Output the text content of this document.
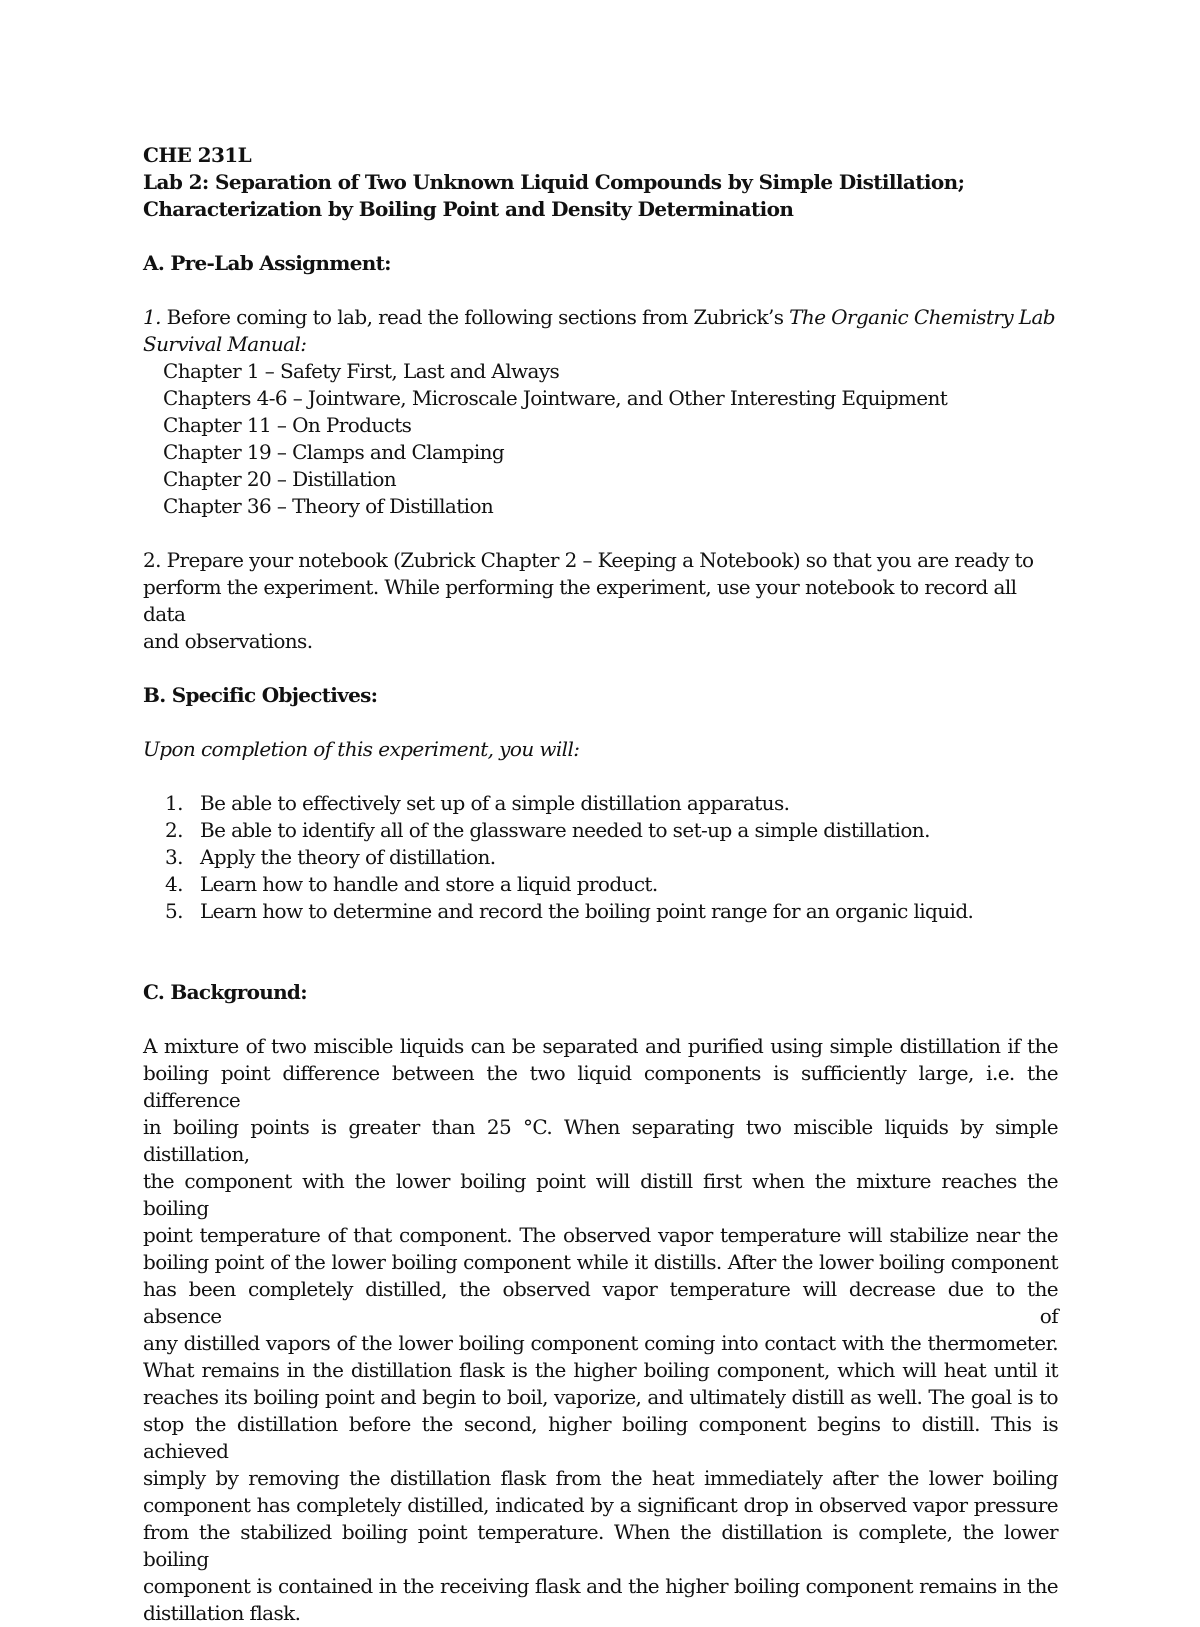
CHE 231L
Lab 2: Separation of Two Unknown Liquid Compounds by Simple Distillation;
Characterization by Boiling Point and Density Determination
A. Pre-Lab Assignment:
1. Before coming to lab, read the following sections from Zubrick’s The Organic Chemistry Lab
Survival Manual:
Chapter 1 – Safety First, Last and Always
Chapters 4-6 – Jointware, Microscale Jointware, and Other Interesting Equipment
Chapter 11 – On Products
Chapter 19 – Clamps and Clamping
Chapter 20 – Distillation
Chapter 36 – Theory of Distillation
2. Prepare your notebook (Zubrick Chapter 2 – Keeping a Notebook) so that you are ready to
perform the experiment. While performing the experiment, use your notebook to record all data
and observations.
B. Specific Objectives:
Upon completion of this experiment, you will:
1. Be able to effectively set up of a simple distillation apparatus.
2. Be able to identify all of the glassware needed to set-up a simple distillation.
3. Apply the theory of distillation.
4. Learn how to handle and store a liquid product.
5. Learn how to determine and record the boiling point range for an organic liquid.
C. Background:
A mixture of two miscible liquids can be separated and purified using simple distillation if the
boiling point difference between the two liquid components is sufficiently large, i.e. the difference
in boiling points is greater than 25 °C. When separating two miscible liquids by simple distillation,
the component with the lower boiling point will distill first when the mixture reaches the boiling
point temperature of that component. The observed vapor temperature will stabilize near the
boiling point of the lower boiling component while it distills. After the lower boiling component
has been completely distilled, the observed vapor temperature will decrease due to the absence of
any distilled vapors of the lower boiling component coming into contact with the thermometer.
What remains in the distillation flask is the higher boiling component, which will heat until it
reaches its boiling point and begin to boil, vaporize, and ultimately distill as well. The goal is to
stop the distillation before the second, higher boiling component begins to distill. This is achieved
simply by removing the distillation flask from the heat immediately after the lower boiling
component has completely distilled, indicated by a significant drop in observed vapor pressure
from the stabilized boiling point temperature. When the distillation is complete, the lower boiling
component is contained in the receiving flask and the higher boiling component remains in the
distillation flask.
